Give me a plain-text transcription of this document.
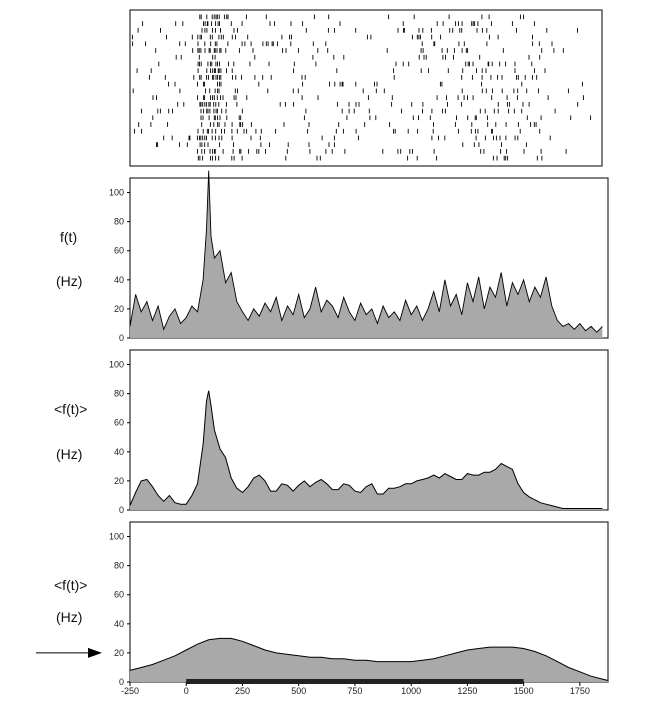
f(t)
(Hz)
0
20
40
60
80
100
<f(t)>
(Hz)
0
20
40
60
80
100
<f(t)>
(Hz)
0
20
40
60
80
100
-250	0	250	500	750	1000	1250	1500	1750
